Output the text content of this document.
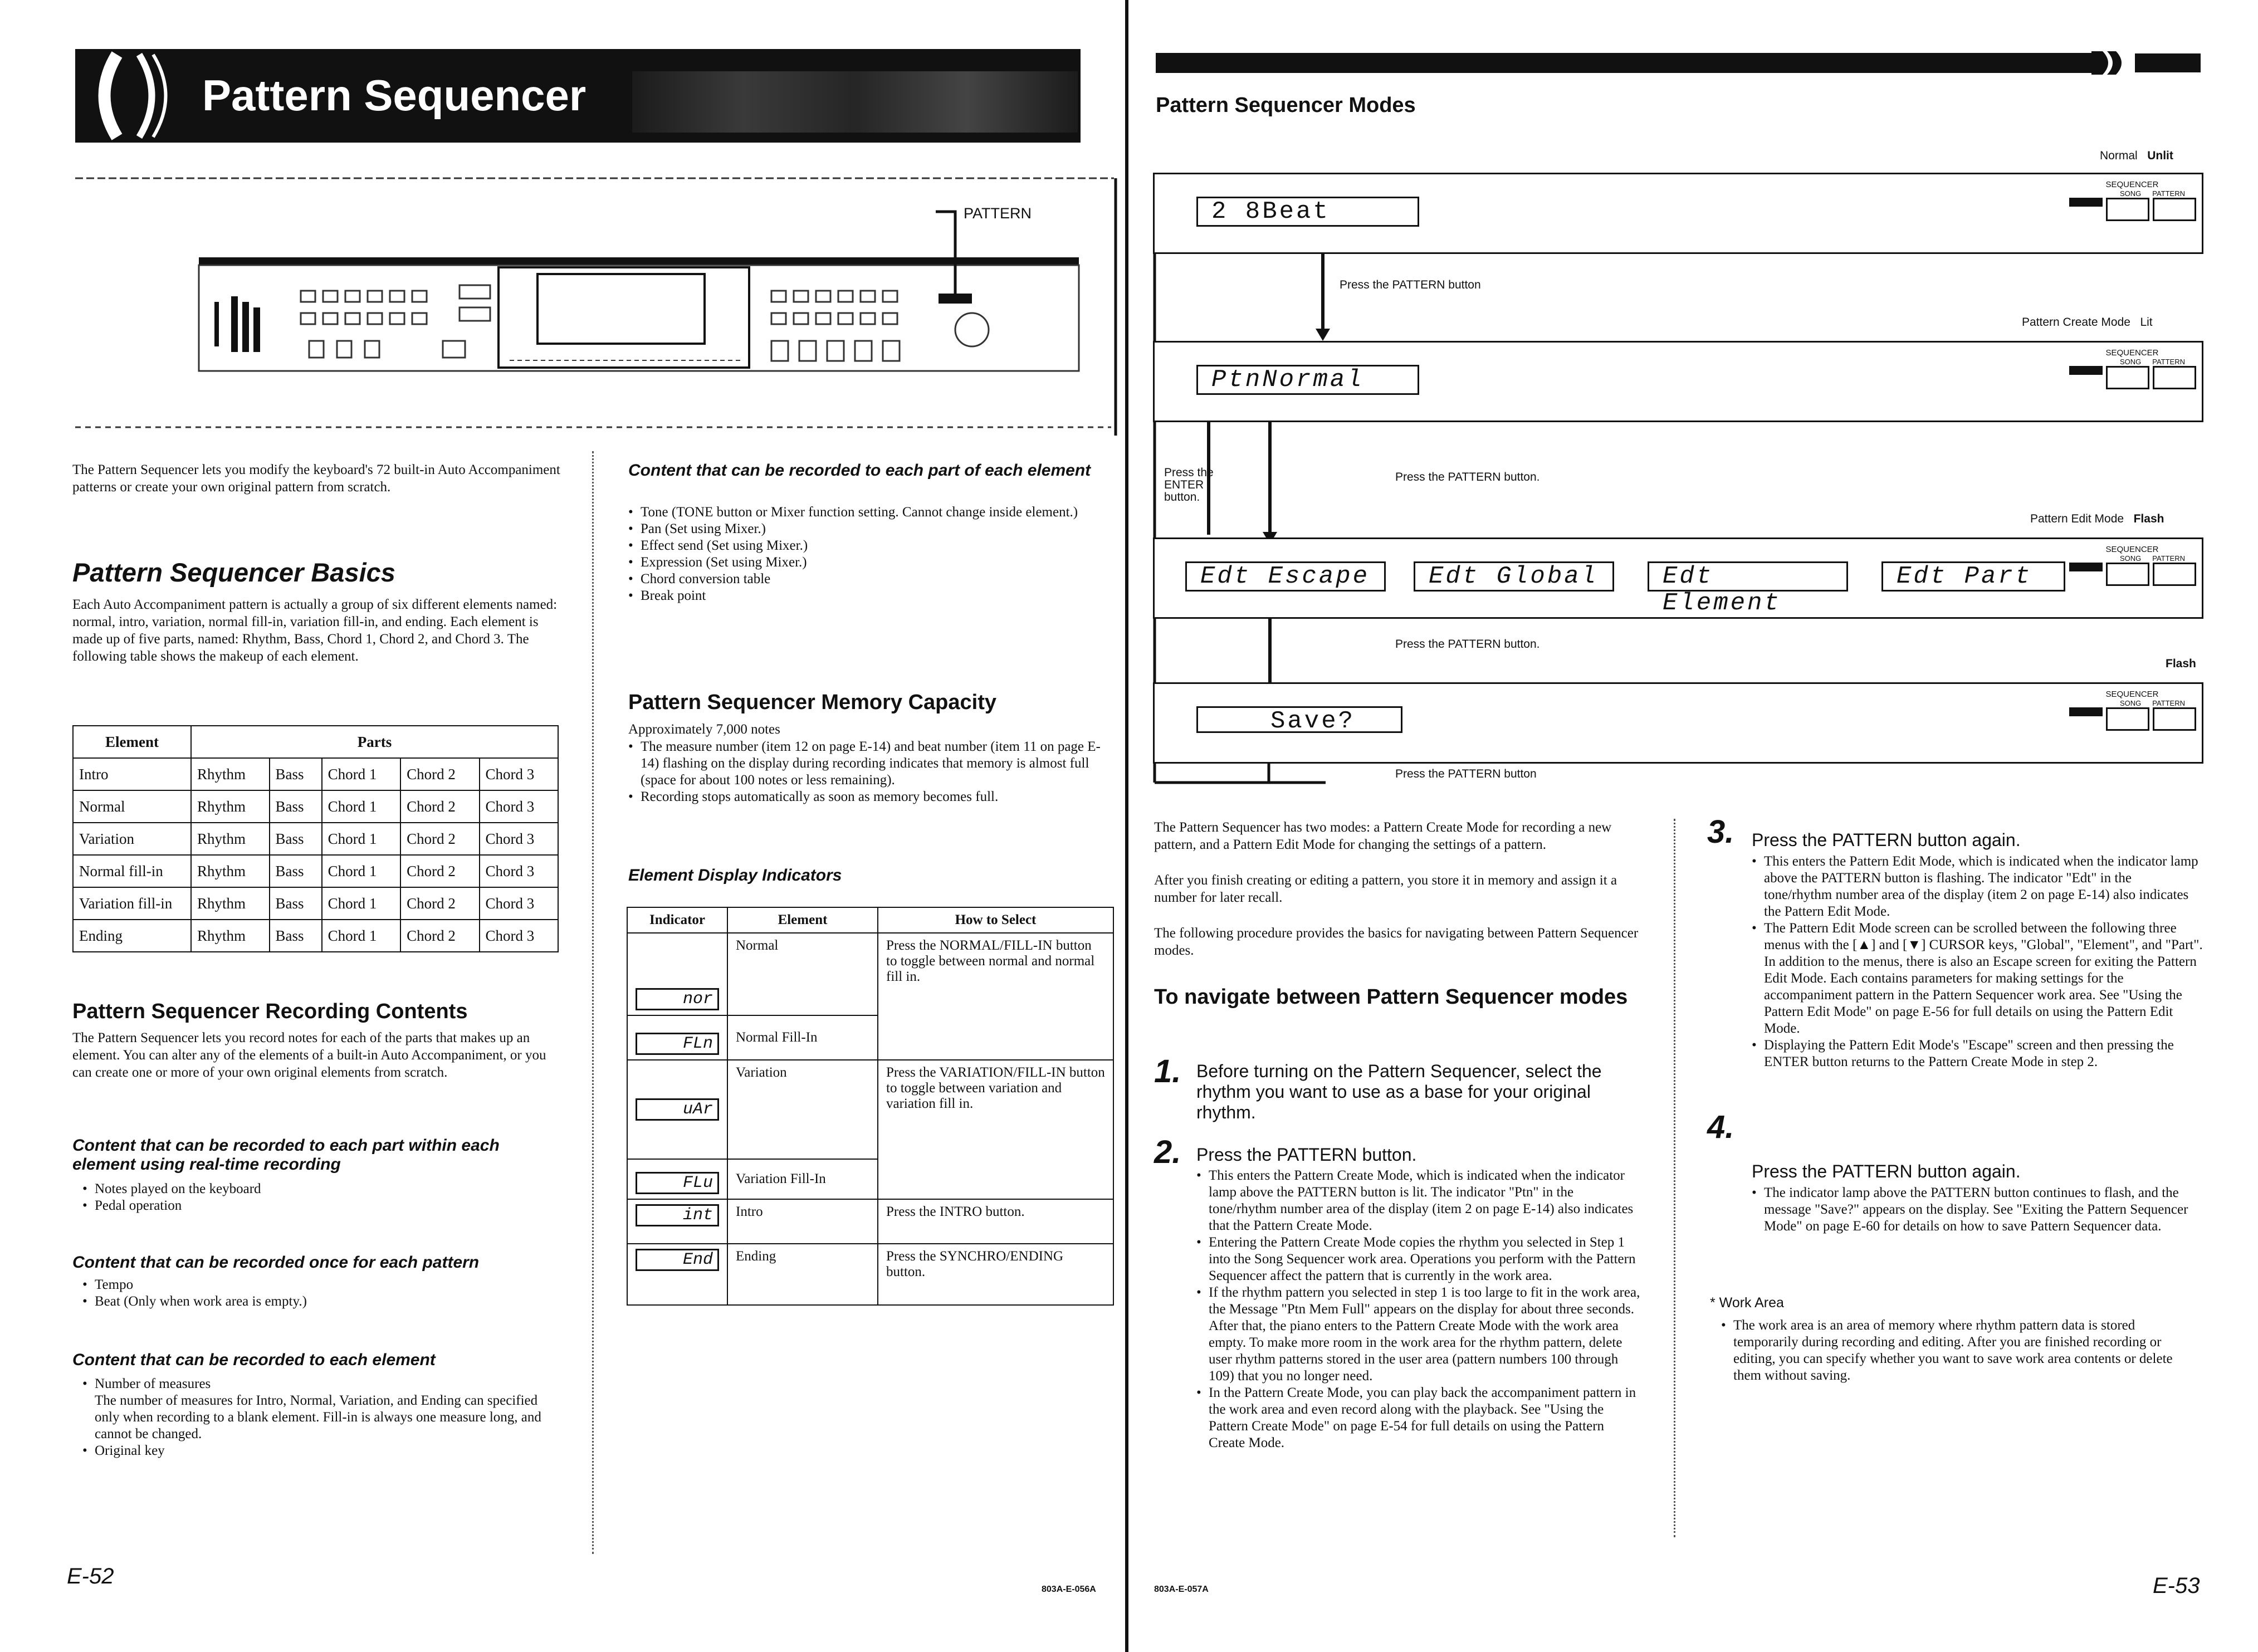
Pattern Sequencer
PATTERN
The Pattern Sequencer lets you modify the keyboard's 72 built-in Auto Accompaniment patterns or create your own original pattern from scratch.
Pattern Sequencer Basics
Each Auto Accompaniment pattern is actually a group of six different elements named: normal, intro, variation, normal fill-in, variation fill-in, and ending. Each element is made up of five parts, named: Rhythm, Bass, Chord 1, Chord 2, and Chord 3. The following table shows the makeup of each element.
Element	Parts				
Intro	Rhythm	Bass	Chord 1	Chord 2	Chord 3
Normal	Rhythm	Bass	Chord 1	Chord 2	Chord 3
Variation	Rhythm	Bass	Chord 1	Chord 2	Chord 3
Normal fill-in	Rhythm	Bass	Chord 1	Chord 2	Chord 3
Variation fill-in	Rhythm	Bass	Chord 1	Chord 2	Chord 3
Ending	Rhythm	Bass	Chord 1	Chord 2	Chord 3
Pattern Sequencer Recording Contents
The Pattern Sequencer lets you record notes for each of the parts that makes up an element. You can alter any of the elements of a built-in Auto Accompaniment, or you can create one or more of your own original elements from scratch.
Content that can be recorded to each part within each element using real-time recording
• Notes played on the keyboard
• Pedal operation
Content that can be recorded once for each pattern
• Tempo
• Beat (Only when work area is empty.)
Content that can be recorded to each element
• Number of measures
The number of measures for Intro, Normal, Variation, and Ending can specified only when recording to a blank element. Fill-in is always one measure long, and cannot be changed.
• Original key
E-52
803A-E-056A
Content that can be recorded to each part of each element
• Tone (TONE button or Mixer function setting. Cannot change inside element.)
• Pan (Set using Mixer.)
• Effect send (Set using Mixer.)
• Expression (Set using Mixer.)
• Chord conversion table
• Break point
Pattern Sequencer Memory Capacity
Approximately 7,000 notes
• The measure number (item 12 on page E-14) and beat number (item 11 on page E-14) flashing on the display during recording indicates that memory is almost full (space for about 100 notes or less remaining).
• Recording stops automatically as soon as memory becomes full.
Element Display Indicators
Indicator	Element	How to Select

nor	Normal	Press the NORMAL/FILL-IN button to toggle between normal and normal fill in.

FLn	Normal Fill-In	

uAr	Variation	Press the VARIATION/FILL-IN button to toggle between variation and variation fill in.

FLu	Variation Fill-In	

int	Intro	Press the INTRO button.

End	Ending	Press the SYNCHRO/ENDING button.
Pattern Sequencer Modes
Normal Unlit
2 8Beat
SEQUENCER
SONG PATTERN
Press the PATTERN button
Pattern Create Mode Lit
PtnNormal
SEQUENCER
SONG PATTERN
Press the ENTER button.
Press the PATTERN button.
Pattern Edit Mode Flash
Edt Escape	Edt Global	Edt Element
Edt Part
SEQUENCER
SONG PATTERN
Press the PATTERN button.
Flash
Save?
SEQUENCER
SONG PATTERN
Press the PATTERN button
The Pattern Sequencer has two modes: a Pattern Create Mode for recording a new pattern, and a Pattern Edit Mode for changing the settings of a pattern.
After you finish creating or editing a pattern, you store it in memory and assign it a number for later recall.
The following procedure provides the basics for navigating between Pattern Sequencer modes.
To navigate between Pattern Sequencer modes
1. Before turning on the Pattern Sequencer, select the rhythm you want to use as a base for your original rhythm.
2. Press the PATTERN button.
• This enters the Pattern Create Mode, which is indicated when the indicator lamp above the PATTERN button is lit. The indicator "Ptn" in the tone/rhythm number area of the display (item 2 on page E-14) also indicates that the Pattern Create Mode.
• Entering the Pattern Create Mode copies the rhythm you selected in Step 1 into the Song Sequencer work area. Operations you perform with the Pattern Sequencer affect the pattern that is currently in the work area.
• If the rhythm pattern you selected in step 1 is too large to fit in the work area, the Message "Ptn Mem Full" appears on the display for about three seconds. After that, the piano enters to the Pattern Create Mode with the work area empty. To make more room in the work area for the rhythm pattern, delete user rhythm patterns stored in the user area (pattern numbers 100 through 109) that you no longer need.
• In the Pattern Create Mode, you can play back the accompaniment pattern in the work area and even record along with the playback. See "Using the Pattern Create Mode" on page E-54 for full details on using the Pattern Create Mode.
3. Press the PATTERN button again.
• This enters the Pattern Edit Mode, which is indicated when the indicator lamp above the PATTERN button is flashing. The indicator "Edt" in the tone/rhythm number area of the display (item 2 on page E-14) also indicates the Pattern Edit Mode.
• The Pattern Edit Mode screen can be scrolled between the following three menus with the [▲] and [▼] CURSOR keys, "Global", "Element", and "Part". In addition to the menus, there is also an Escape screen for exiting the Pattern Edit Mode. Each contains parameters for making settings for the accompaniment pattern in the Pattern Sequencer work area. See "Using the Pattern Edit Mode" on page E-56 for full details on using the Pattern Edit Mode.
• Displaying the Pattern Edit Mode's "Escape" screen and then pressing the ENTER button returns to the Pattern Create Mode in step 2.
4.
Press the PATTERN button again.
• The indicator lamp above the PATTERN button continues to flash, and the message "Save?" appears on the display. See "Exiting the Pattern Sequencer Mode" on page E-60 for details on how to save Pattern Sequencer data.
* Work Area
• The work area is an area of memory where rhythm pattern data is stored temporarily during recording and editing. After you are finished recording or editing, you can specify whether you want to save work area contents or delete them without saving.
803A-E-057A	E-53
